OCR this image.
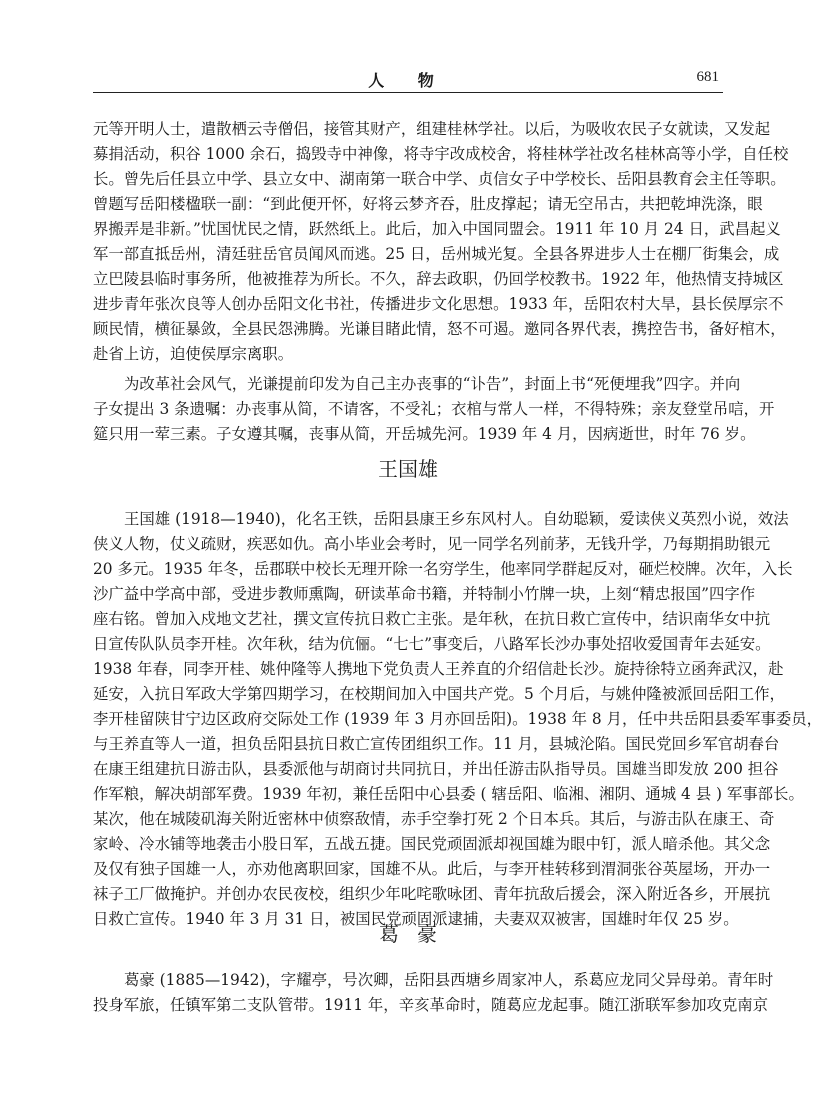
人 物	681
元等开明人士，遣散栖云寺僧侣，接管其财产，组建桂林学社。以后，为吸收农民子女就读，又发起
募捐活动，积谷 1000 余石，捣毁寺中神像，将寺宇改成校舍，将桂林学社改名桂林高等小学，自任校
长。曾先后任县立中学、县立女中、湖南第一联合中学、贞信女子中学校长、岳阳县教育会主任等职。
曾题写岳阳楼楹联一副：“到此便开怀，好将云梦齐吞，肚皮撑起；请无空吊古，共把乾坤洗涤，眼
界搬弄是非新。”忧国忧民之情，跃然纸上。此后，加入中国同盟会。1911 年 10 月 24 日，武昌起义
军一部直抵岳州，清廷驻岳官员闻风而逃。25 日，岳州城光复。全县各界进步人士在棚厂街集会，成
立巴陵县临时事务所，他被推荐为所长。不久，辞去政职，仍回学校教书。1922 年，他热情支持城区
进步青年张次良等人创办岳阳文化书社，传播进步文化思想。1933 年，岳阳农村大旱，县长侯厚宗不
顾民情，横征暴敛，全县民怨沸腾。光谦目睹此情，怒不可遏。邀同各界代表，携控告书，备好棺木，
赴省上访，迫使侯厚宗离职。
为改革社会风气，光谦提前印发为自己主办丧事的“讣告”，封面上书“死便埋我”四字。并向
子女提出 3 条遗嘱：办丧事从简，不请客，不受礼；衣棺与常人一样，不得特殊；亲友登堂吊唁，开
筵只用一荤三素。子女遵其嘱，丧事从简，开岳城先河。1939 年 4 月，因病逝世，时年 76 岁。
王国雄
王国雄 (1918—1940)，化名王铁，岳阳县康王乡东风村人。自幼聪颖，爱读侠义英烈小说，效法
侠义人物，仗义疏财，疾恶如仇。高小毕业会考时，见一同学名列前茅，无钱升学，乃每期捐助银元
20 多元。1935 年冬，岳郡联中校长无理开除一名穷学生，他率同学群起反对，砸烂校牌。次年，入长
沙广益中学高中部，受进步教师熏陶，研读革命书籍，并特制小竹牌一块，上刻“精忠报国”四字作
座右铭。曾加入戍地文艺社，撰文宣传抗日救亡主张。是年秋，在抗日救亡宣传中，结识南华女中抗
日宣传队队员李开桂。次年秋，结为伉俪。“七七”事变后，八路军长沙办事处招收爱国青年去延安。
1938 年春，同李开桂、姚仲隆等人携地下党负责人王养直的介绍信赴长沙。旋持徐特立函奔武汉，赴
延安，入抗日军政大学第四期学习，在校期间加入中国共产党。5 个月后，与姚仲隆被派回岳阳工作，
李开桂留陕甘宁边区政府交际处工作 (1939 年 3 月亦回岳阳)。1938 年 8 月，任中共岳阳县委军事委员，
与王养直等人一道，担负岳阳县抗日救亡宣传团组织工作。11 月，县城沦陷。国民党回乡军官胡春台
在康王组建抗日游击队，县委派他与胡商讨共同抗日，并出任游击队指导员。国雄当即发放 200 担谷
作军粮，解决胡部军费。1939 年初，兼任岳阳中心县委 ( 辖岳阳、临湘、湘阴、通城 4 县 ) 军事部长。
某次，他在城陵矶海关附近密林中侦察敌情，赤手空拳打死 2 个日本兵。其后，与游击队在康王、奇
家岭、冷水铺等地袭击小股日军，五战五捷。国民党顽固派却视国雄为眼中钉，派人暗杀他。其父念
及仅有独子国雄一人，亦劝他离职回家，国雄不从。此后，与李开桂转移到渭洞张谷英屋场，开办一
袜子工厂做掩护。并创办农民夜校，组织少年叱咤歌咏团、青年抗敌后援会，深入附近各乡，开展抗
日救亡宣传。1940 年 3 月 31 日，被国民党顽固派逮捕，夫妻双双被害，国雄时年仅 25 岁。
葛豪
葛豪 (1885—1942)，字耀亭，号次卿，岳阳县西塘乡周家冲人，系葛应龙同父异母弟。青年时
投身军旅，任镇军第二支队管带。1911 年，辛亥革命时，随葛应龙起事。随江浙联军参加攻克南京
